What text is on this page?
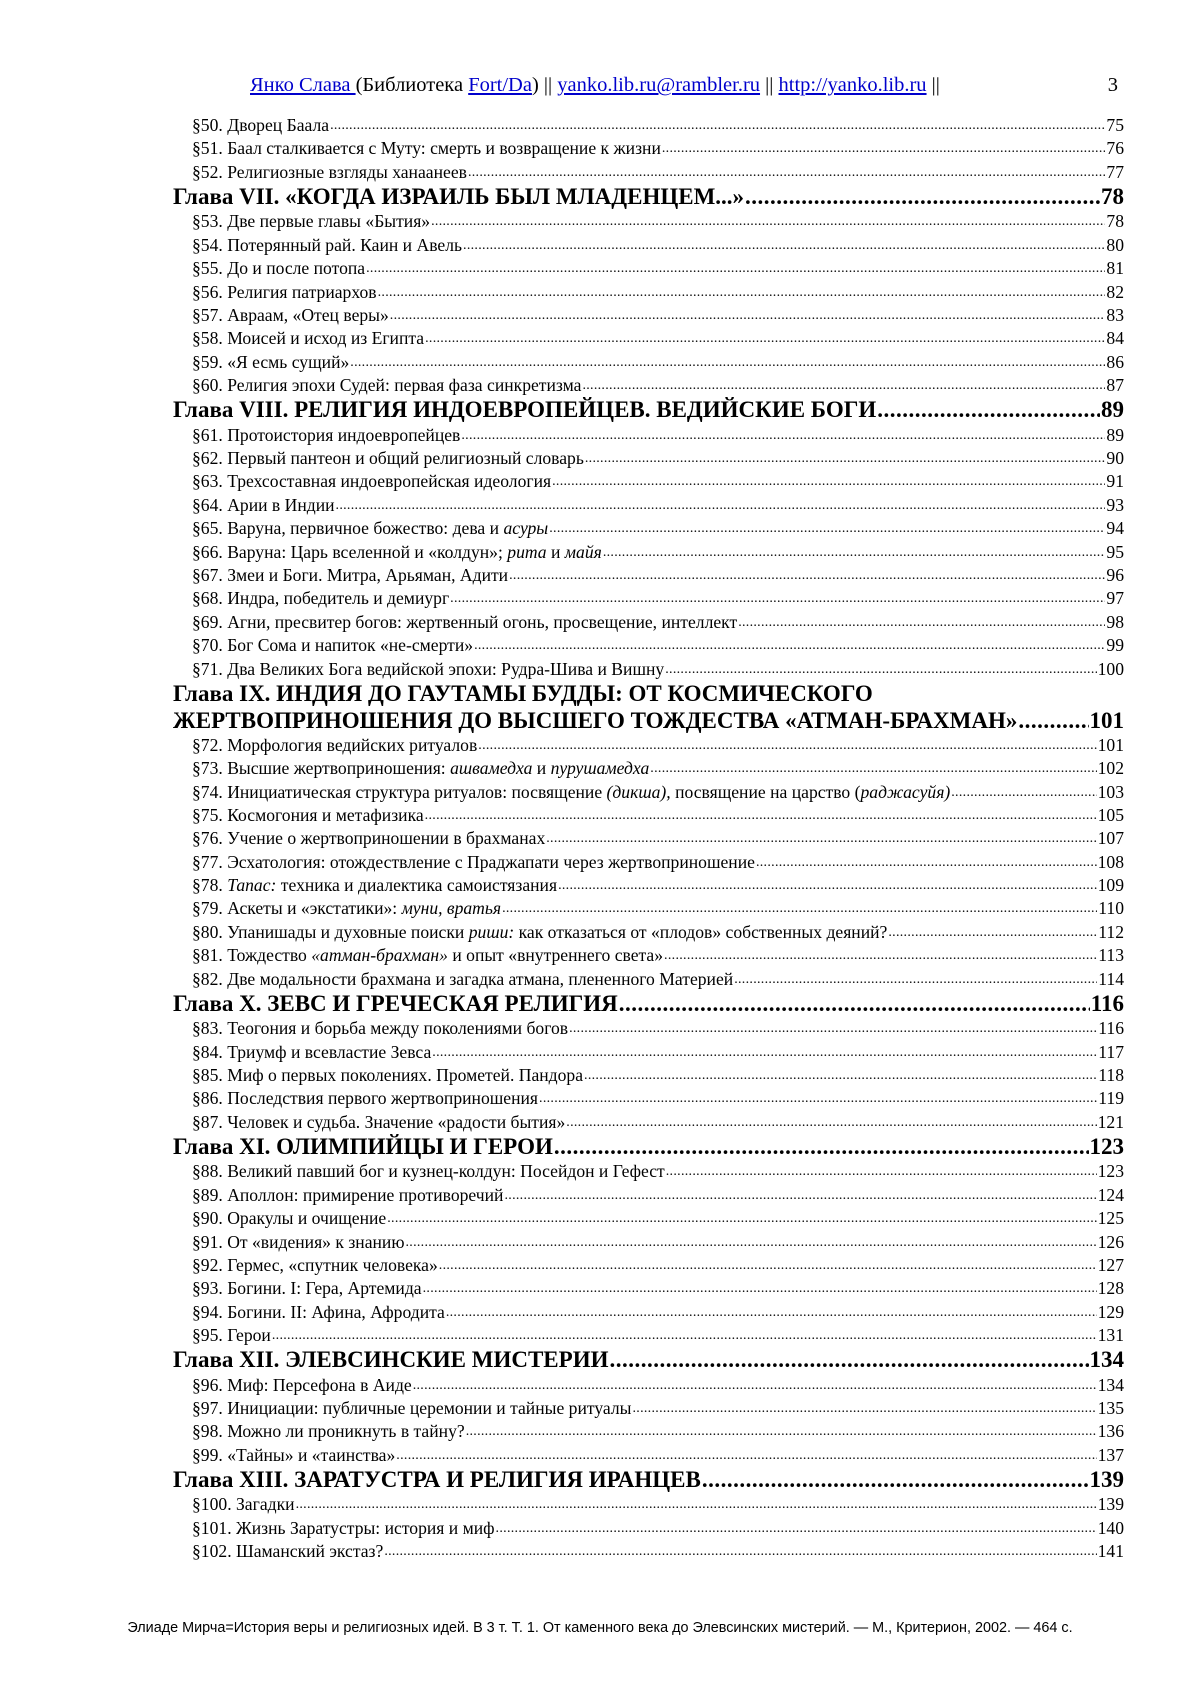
Янко Слава (Библиотека Fort/Da) || yanko.lib.ru@rambler.ru || http://yanko.lib.ru ||	3
§50. Дворец Баала .....	75
§51. Баал сталкивается с Муту: смерть и возвращение к жизни .....	76
§52. Религиозные взгляды ханаанеев .....	77
Глава VII. «КОГДА ИЗРАИЛЬ БЫЛ МЛАДЕНЦЕМ...» .....	78
§53. Две первые главы «Бытия» .....	78
§54. Потерянный рай. Каин и Авель .....	80
§55. До и после потопа .....	81
§56. Религия патриархов .....	82
§57. Авраам, «Отец веры» .....	83
§58. Моисей и исход из Египта .....	84
§59. «Я есмь сущий» .....	86
§60. Религия эпохи Судей: первая фаза синкретизма .....	87
Глава VIII. РЕЛИГИЯ ИНДОЕВРОПЕЙЦЕВ. ВЕДИЙСКИЕ БОГИ .....	89
§61. Протоистория индоевропейцев .....	89
§62. Первый пантеон и общий религиозный словарь .....	90
§63. Трехсоставная индоевропейская идеология .....	91
§64. Арии в Индии .....	93
§65. Варуна, первичное божество: дева и асуры .....	94
§66. Варуна: Царь вселенной и «колдун»; рита и майя .....	95
§67. Змеи и Боги. Митра, Арьяман, Адити .....	96
§68. Индра, победитель и демиург .....	97
§69. Агни, пресвитер богов: жертвенный огонь, просвещение, интеллект .....	98
§70. Бог Сома и напиток «не-смерти» .....	99
§71. Два Великих Бога ведийской эпохи: Рудра-Шива и Вишну .....	100
Глава IX. ИНДИЯ ДО ГАУТАМЫ БУДДЫ: ОТ КОСМИЧЕСКОГО
ЖЕРТВОПРИНОШЕНИЯ ДО ВЫСШЕГО ТОЖДЕСТВА «АТМАН-БРАХМАН» .....	101
§72. Морфология ведийских ритуалов .....	101
§73. Высшие жертвоприношения: ашвамедха и пурушамедха .....	102
§74. Инициатическая структура ритуалов: посвящение (дикша), посвящение на царство (раджасуйя) .....	103
§75. Космогония и метафизика .....	105
§76. Учение о жертвоприношении в брахманах .....	107
§77. Эсхатология: отождествление с Праджапати через жертвоприношение .....	108
§78. Тапас: техника и диалектика самоистязания .....	109
§79. Аскеты и «экстатики»: муни, вратья .....	110
§80. Упанишады и духовные поиски риши: как отказаться от «плодов» собственных деяний? .....	112
§81. Тождество «атман-брахман» и опыт «внутреннего света» .....	113
§82. Две модальности брахмана и загадка атмана, плененного Материей .....	114
Глава X. ЗЕВС И ГРЕЧЕСКАЯ РЕЛИГИЯ .....	116
§83. Теогония и борьба между поколениями богов .....	116
§84. Триумф и всевластие Зевса .....	117
§85. Миф о первых поколениях. Прометей. Пандора .....	118
§86. Последствия первого жертвоприношения .....	119
§87. Человек и судьба. Значение «радости бытия» .....	121
Глава XI. ОЛИМПИЙЦЫ И ГЕРОИ .....	123
§88. Великий павший бог и кузнец-колдун: Посейдон и Гефест .....	123
§89. Аполлон: примирение противоречий .....	124
§90. Оракулы и очищение .....	125
§91. От «видения» к знанию .....	126
§92. Гермес, «спутник человека» .....	127
§93. Богини. I: Гера, Артемида .....	128
§94. Богини. II: Афина, Афродита .....	129
§95. Герои .....	131
Глава XII. ЭЛЕВСИНСКИЕ МИСТЕРИИ .....	134
§96. Миф: Персефона в Аиде .....	134
§97. Инициации: публичные церемонии и тайные ритуалы .....	135
§98. Можно ли проникнуть в тайну? .....	136
§99. «Тайны» и «таинства» .....	137
Глава XIII. ЗАРАТУСТРА И РЕЛИГИЯ ИРАНЦЕВ .....	139
§100. Загадки .....	139
§101. Жизнь Заратустры: история и миф .....	140
§102. Шаманский экстаз? .....	141
Элиаде Мирча=История веры и религиозных идей. В 3 т. Т. 1. От каменного века до Элевсинских мистерий. — М., Критерион, 2002. — 464 с.
